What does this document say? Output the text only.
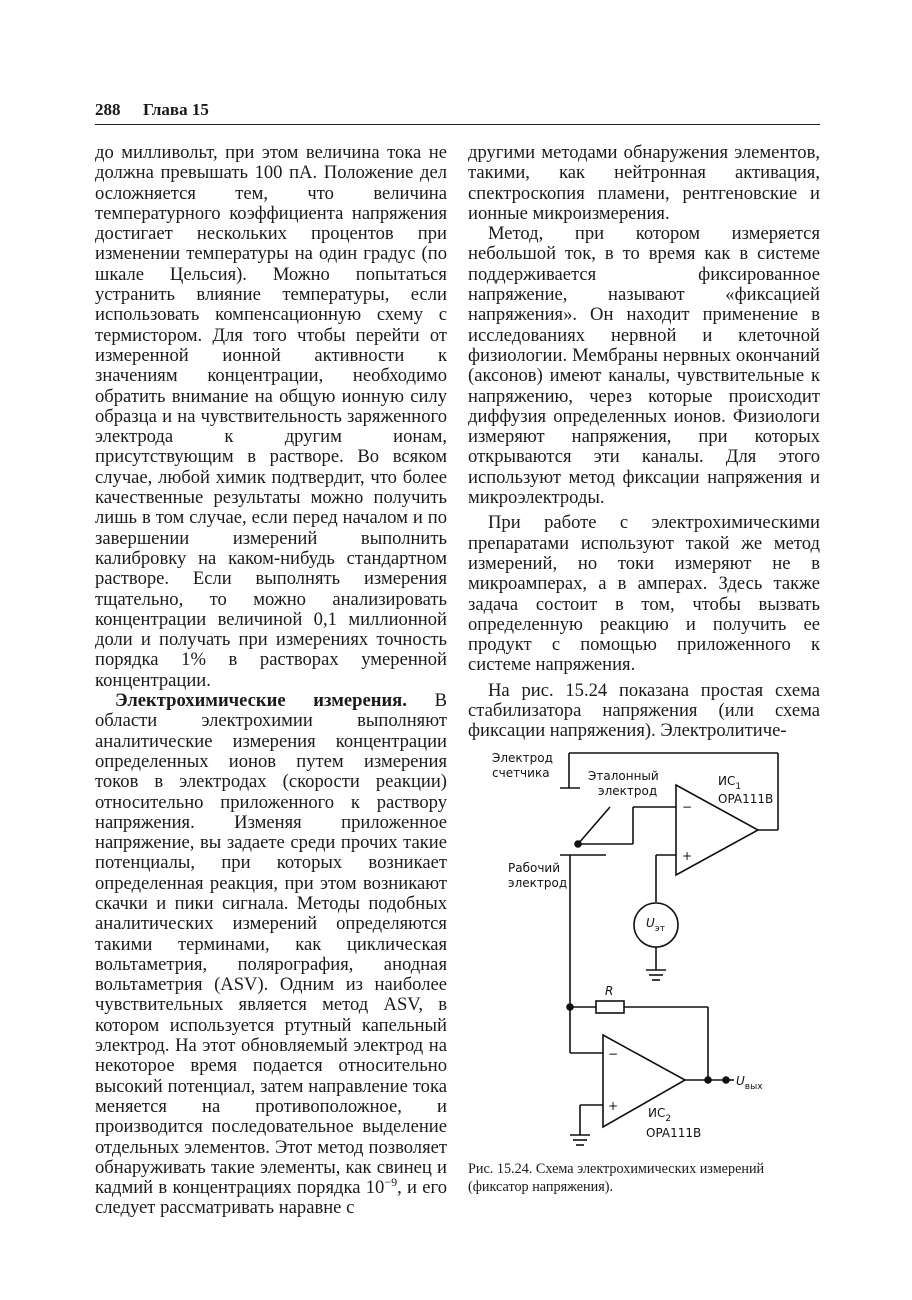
288 Глава 15

до милливольт, при этом величина тока не должна превышать 100 пА. Положение дел осложняется тем, что величина температурного коэффициента напряжения достигает нескольких процентов при изменении температуры на один градус (по шкале Цельсия). Можно попытаться устранить влияние температуры, если использовать компенсационную схему с термистором. Для того чтобы перейти от измеренной ионной активности к значениям концентрации, необходимо обратить внимание на общую ионную силу образца и на чувствительность заряженного электрода к другим ионам, присутствующим в растворе. Во всяком случае, любой химик подтвердит, что более качественные результаты можно получить лишь в том случае, если перед началом и по завершении измерений выполнить калибровку на каком-нибудь стандартном растворе. Если выполнять измерения тщательно, то можно анализировать концентрации величиной 0,1 миллионной доли и получать при измерениях точность порядка 1% в растворах умеренной концентрации.

Электрохимические измерения. В области электрохимии выполняют аналитические измерения концентрации определенных ионов путем измерения токов в электродах (скорости реакции) относительно приложенного к раствору напряжения. Изменяя приложенное напряжение, вы задаете среди прочих такие потенциалы, при которых возникает определенная реакция, при этом возникают скачки и пики сигнала. Методы подобных аналитических измерений определяются такими терминами, как циклическая вольтаметрия, полярография, анодная вольтаметрия (ASV). Одним из наиболее чувствительных является метод ASV, в котором используется ртутный капельный электрод. На этот обновляемый электрод на некоторое время подается относительно высокий потенциал, затем направление тока меняется на противоположное, и производится последовательное выделение отдельных элементов. Этот метод позволяет обнаруживать такие элементы, как свинец и кадмий в концентрациях порядка $10^{-9}$, и его следует рассматривать наравне с

другими методами обнаружения элементов, такими, как нейтронная активация, спектроскопия пламени, рентгеновские и ионные микроизмерения.

Метод, при котором измеряется небольшой ток, в то время как в системе поддерживается фиксированное напряжение, называют «фиксацией напряжения». Он находит применение в исследованиях нервной и клеточной физиологии. Мембраны нервных окончаний (аксонов) имеют каналы, чувствительные к напряжению, через которые происходит диффузия определенных ионов. Физиологи измеряют напряжения, при которых открываются эти каналы. Для этого используют метод фиксации напряжения и микроэлектроды.

При работе с электрохимическими препаратами используют такой же метод измерений, но токи измеряют не в микроамперах, а в амперах. Здесь также задача состоит в том, чтобы вызвать определенную реакцию и получить ее продукт с помощью приложенного к системе напряжения.

На рис. 15.24 показана простая схема стабилизатора напряжения (или схема фиксации напряжения). Электролитиче-

−
+
−
+
Электрод
счетчика	Эталонный
электрод
Рабочий
электрод
$ИС_1$
OPA111B
$U_{эт}$
R
$U_{вых}$
$ИС_2$
OPA111B
Рис. 15.24. Схема электрохимических измерений (фиксатор напряжения).
